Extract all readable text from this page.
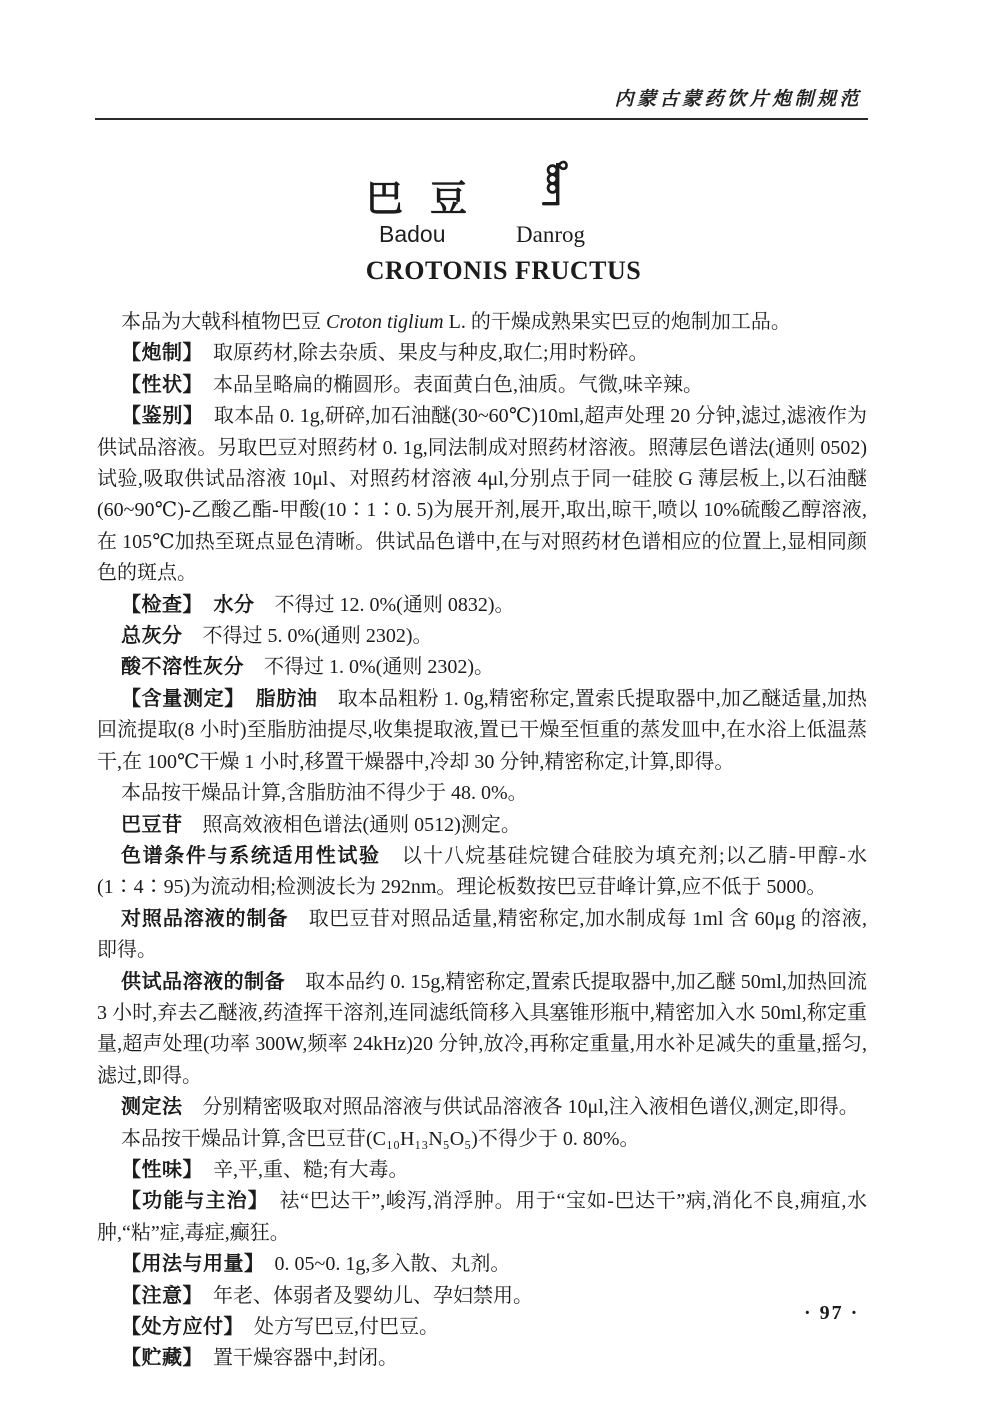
内蒙古蒙药饮片炮制规范
巴豆
Badou	Danrog
CROTONIS FRUCTUS

本品为大戟科植物巴豆 Croton tiglium L. 的干燥成熟果实巴豆的炮制加工品。

【炮制】　取原药材,除去杂质、果皮与种皮,取仁;用时粉碎。

【性状】　本品呈略扁的椭圆形。表面黄白色,油质。气微,味辛辣。

【鉴别】　取本品 0. 1g,研碎,加石油醚(30~60℃)10ml,超声处理 20 分钟,滤过,滤液作为供试品溶液。另取巴豆对照药材 0. 1g,同法制成对照药材溶液。照薄层色谱法(通则 0502)试验,吸取供试品溶液 10μl、对照药材溶液 4μl,分别点于同一硅胶 G 薄层板上,以石油醚(60~90℃)-乙酸乙酯-甲酸(10∶1∶0. 5)为展开剂,展开,取出,晾干,喷以 10%硫酸乙醇溶液,在 105℃加热至斑点显色清晰。供试品色谱中,在与对照药材色谱相应的位置上,显相同颜色的斑点。

【检查】　水分　不得过 12. 0%(通则 0832)。

总灰分　不得过 5. 0%(通则 2302)。

酸不溶性灰分　不得过 1. 0%(通则 2302)。

【含量测定】　脂肪油　取本品粗粉 1. 0g,精密称定,置索氏提取器中,加乙醚适量,加热回流提取(8 小时)至脂肪油提尽,收集提取液,置已干燥至恒重的蒸发皿中,在水浴上低温蒸干,在 100℃干燥 1 小时,移置干燥器中,冷却 30 分钟,精密称定,计算,即得。

本品按干燥品计算,含脂肪油不得少于 48. 0%。

巴豆苷　照高效液相色谱法(通则 0512)测定。

色谱条件与系统适用性试验　以十八烷基硅烷键合硅胶为填充剂;以乙腈-甲醇-水(1∶4∶95)为流动相;检测波长为 292nm。理论板数按巴豆苷峰计算,应不低于 5000。

对照品溶液的制备　取巴豆苷对照品适量,精密称定,加水制成每 1ml 含 60μg 的溶液,即得。

供试品溶液的制备　取本品约 0. 15g,精密称定,置索氏提取器中,加乙醚 50ml,加热回流 3 小时,弃去乙醚液,药渣挥干溶剂,连同滤纸筒移入具塞锥形瓶中,精密加入水 50ml,称定重量,超声处理(功率 300W,频率 24kHz)20 分钟,放冷,再称定重量,用水补足减失的重量,摇匀,滤过,即得。

测定法　分别精密吸取对照品溶液与供试品溶液各 10μl,注入液相色谱仪,测定,即得。

本品按干燥品计算,含巴豆苷(C₁₀H₁₃N₅O₅)不得少于 0. 80%。

【性味】　辛,平,重、糙;有大毒。

【功能与主治】　祛“巴达干”,峻泻,消浮肿。用于“宝如-巴达干”病,消化不良,痈疽,水肿,“粘”症,毒症,癫狂。

【用法与用量】　0. 05~0. 1g,多入散、丸剂。

【注意】　年老、体弱者及婴幼儿、孕妇禁用。

【处方应付】　处方写巴豆,付巴豆。

【贮藏】　置干燥容器中,封闭。

· 97 ·
